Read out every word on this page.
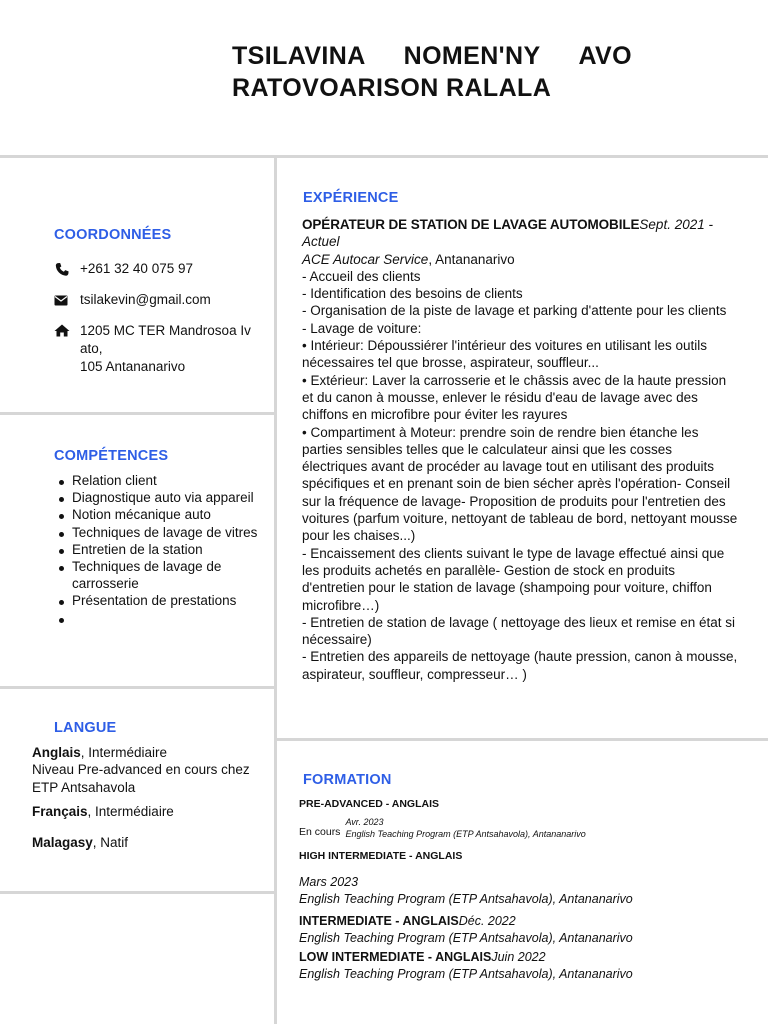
TSILAVINA NOMEN'NY AVO
RATOVOARISON RALALA
COORDONNÉES
+261 32 40 075 97
tsilakevin@gmail.com
1205 MC TER Mandrosoa Iv
ato,
105 Antananarivo
COMPÉTENCES
Relation client
Diagnostique auto via appareil
Notion mécanique auto
Techniques de lavage de vitres
Entretien de la station
Techniques de lavage de carrosserie
Présentation de prestations
LANGUE
Anglais, Intermédiaire
Niveau Pre-advanced en cours chez ETP Antsahavola
Français, Intermédiaire
Malagasy, Natif
EXPÉRIENCE
OPÉRATEUR DE STATION DE LAVAGE AUTOMOBILESept. 2021 - Actuel
ACE Autocar Service, Antananarivo
- Accueil des clients
- Identification des besoins de clients
- Organisation de la piste de lavage et parking d'attente pour les clients
- Lavage de voiture:
• Intérieur: Dépoussiérer l'intérieur des voitures en utilisant les outils nécessaires tel que brosse, aspirateur, souffleur...
• Extérieur: Laver la carrosserie et le châssis avec de la haute pression et du canon à mousse, enlever le résidu d'eau de lavage avec des chiffons en microfibre pour éviter les rayures
• Compartiment à Moteur: prendre soin de rendre bien étanche les parties sensibles telles que le calculateur ainsi que les cosses électriques avant de procéder au lavage tout en utilisant des produits spécifiques et en prenant soin de bien sécher après l'opération- Conseil sur la fréquence de lavage- Proposition de produits pour l'entretien des voitures (parfum voiture, nettoyant de tableau de bord, nettoyant mousse pour les chaises...)
- Encaissement des clients suivant le type de lavage effectué ainsi que les produits achetés en parallèle- Gestion de stock en produits d'entretien pour le station de lavage (shampoing pour voiture, chiffon microfibre…)
- Entretien de station de lavage ( nettoyage des lieux et remise en état si nécessaire)
- Entretien des appareils de nettoyage (haute pression, canon à mousse, aspirateur, souffleur, compresseur… )
FORMATION
PRE-ADVANCED - ANGLAIS
En cours
Avr. 2023
English Teaching Program (ETP Antsahavola), Antananarivo
HIGH INTERMEDIATE - ANGLAIS
Mars 2023
English Teaching Program (ETP Antsahavola), Antananarivo
INTERMEDIATE - ANGLAISDéc. 2022
English Teaching Program (ETP Antsahavola), Antananarivo
LOW INTERMEDIATE - ANGLAISJuin 2022
English Teaching Program (ETP Antsahavola), Antananarivo
